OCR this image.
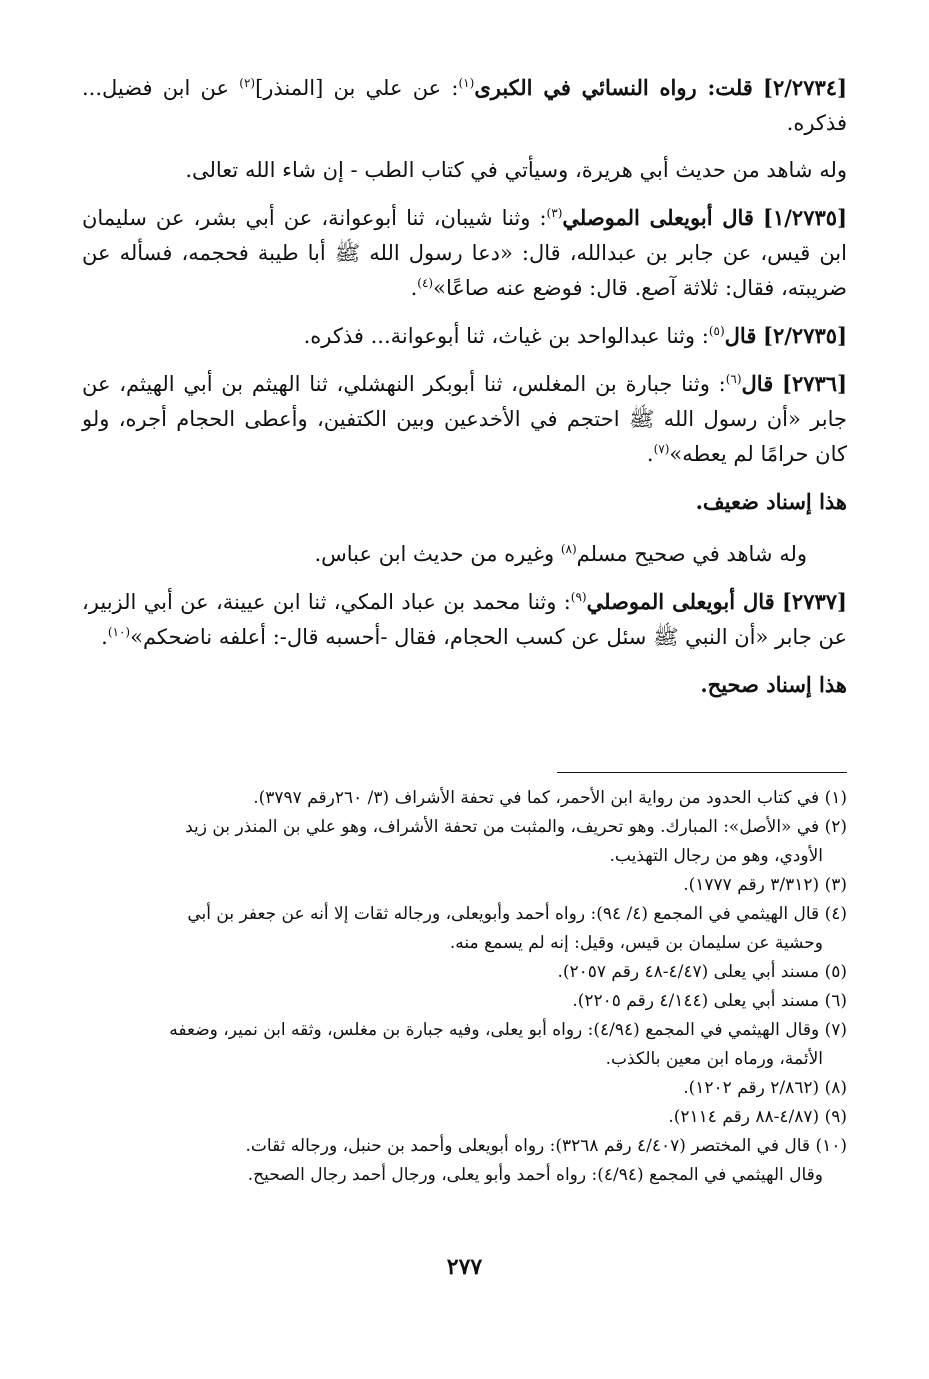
[٢/٢٧٣٤] قلت: رواه النسائي في الكبرى$^{(١)}$: عن علي بن [المنذر]$^{(٢)}$ عن ابن فضيل... فذكره.

وله شاهد من حديث أبي هريرة، وسيأتي في كتاب الطب - إن شاء الله تعالى.

[١/٢٧٣٥] قال أبويعلى الموصلي$^{(٣)}$: وثنا شيبان، ثنا أبوعوانة، عن أبي بشر، عن سليمان ابن قيس، عن جابر بن عبدالله، قال: «دعا رسول الله ﷺ أبا طيبة فحجمه، فسأله عن ضريبته، فقال: ثلاثة آصع. قال: فوضع عنه صاعًا»$^{(٤)}$.

[٢/٢٧٣٥] قال$^{(٥)}$: وثنا عبدالواحد بن غياث، ثنا أبوعوانة... فذكره.

[٢٧٣٦] قال$^{(٦)}$: وثنا جبارة بن المغلس، ثنا أبوبكر النهشلي، ثنا الهيثم بن أبي الهيثم، عن جابر «أن رسول الله ﷺ احتجم في الأخدعين وبين الكتفين، وأعطى الحجام أجره، ولو كان حرامًا لم يعطه»$^{(٧)}$.

هذا إسناد ضعيف.

وله شاهد في صحيح مسلم$^{(٨)}$ وغيره من حديث ابن عباس.

[٢٧٣٧] قال أبويعلى الموصلي$^{(٩)}$: وثنا محمد بن عباد المكي، ثنا ابن عيينة، عن أبي الزبير، عن جابر «أن النبي ﷺ سئل عن كسب الحجام، فقال -أحسبه قال-: أعلفه ناضحكم»$^{(١٠)}$.

هذا إسناد صحيح.

(١) في كتاب الحدود من رواية ابن الأحمر، كما في تحفة الأشراف (٣/ ٢٦٠رقم ٣٧٩٧).

(٢) في «الأصل»: المبارك. وهو تحريف، والمثبت من تحفة الأشراف، وهو علي بن المنذر بن زيد
الأودي، وهو من رجال التهذيب.

(٣) (٣/٣١٢ رقم ١٧٧٧).

(٤) قال الهيثمي في المجمع (٤/ ٩٤): رواه أحمد وأبويعلى، ورجاله ثقات إلا أنه عن جعفر بن أبي
وحشية عن سليمان بن قيس، وقيل: إنه لم يسمع منه.

(٥) مسند أبي يعلى (٤/٤٧-٤٨ رقم ٢٠٥٧).

(٦) مسند أبي يعلى (٤/١٤٤ رقم ٢٢٠٥).

(٧) وقال الهيثمي في المجمع (٤/٩٤): رواه أبو يعلى، وفيه جبارة بن مغلس، وثقه ابن نمير، وضعفه
الأئمة، ورماه ابن معين بالكذب.

(٨) (٢/٨٦٢ رقم ١٢٠٢).

(٩) (٤/٨٧-٨٨ رقم ٢١١٤).

(١٠) قال في المختصر (٤/٤٠٧ رقم ٣٢٦٨): رواه أبويعلى وأحمد بن حنبل، ورجاله ثقات.
وقال الهيثمي في المجمع (٤/٩٤): رواه أحمد وأبو يعلى، ورجال أحمد رجال الصحيح.

٢٧٧
